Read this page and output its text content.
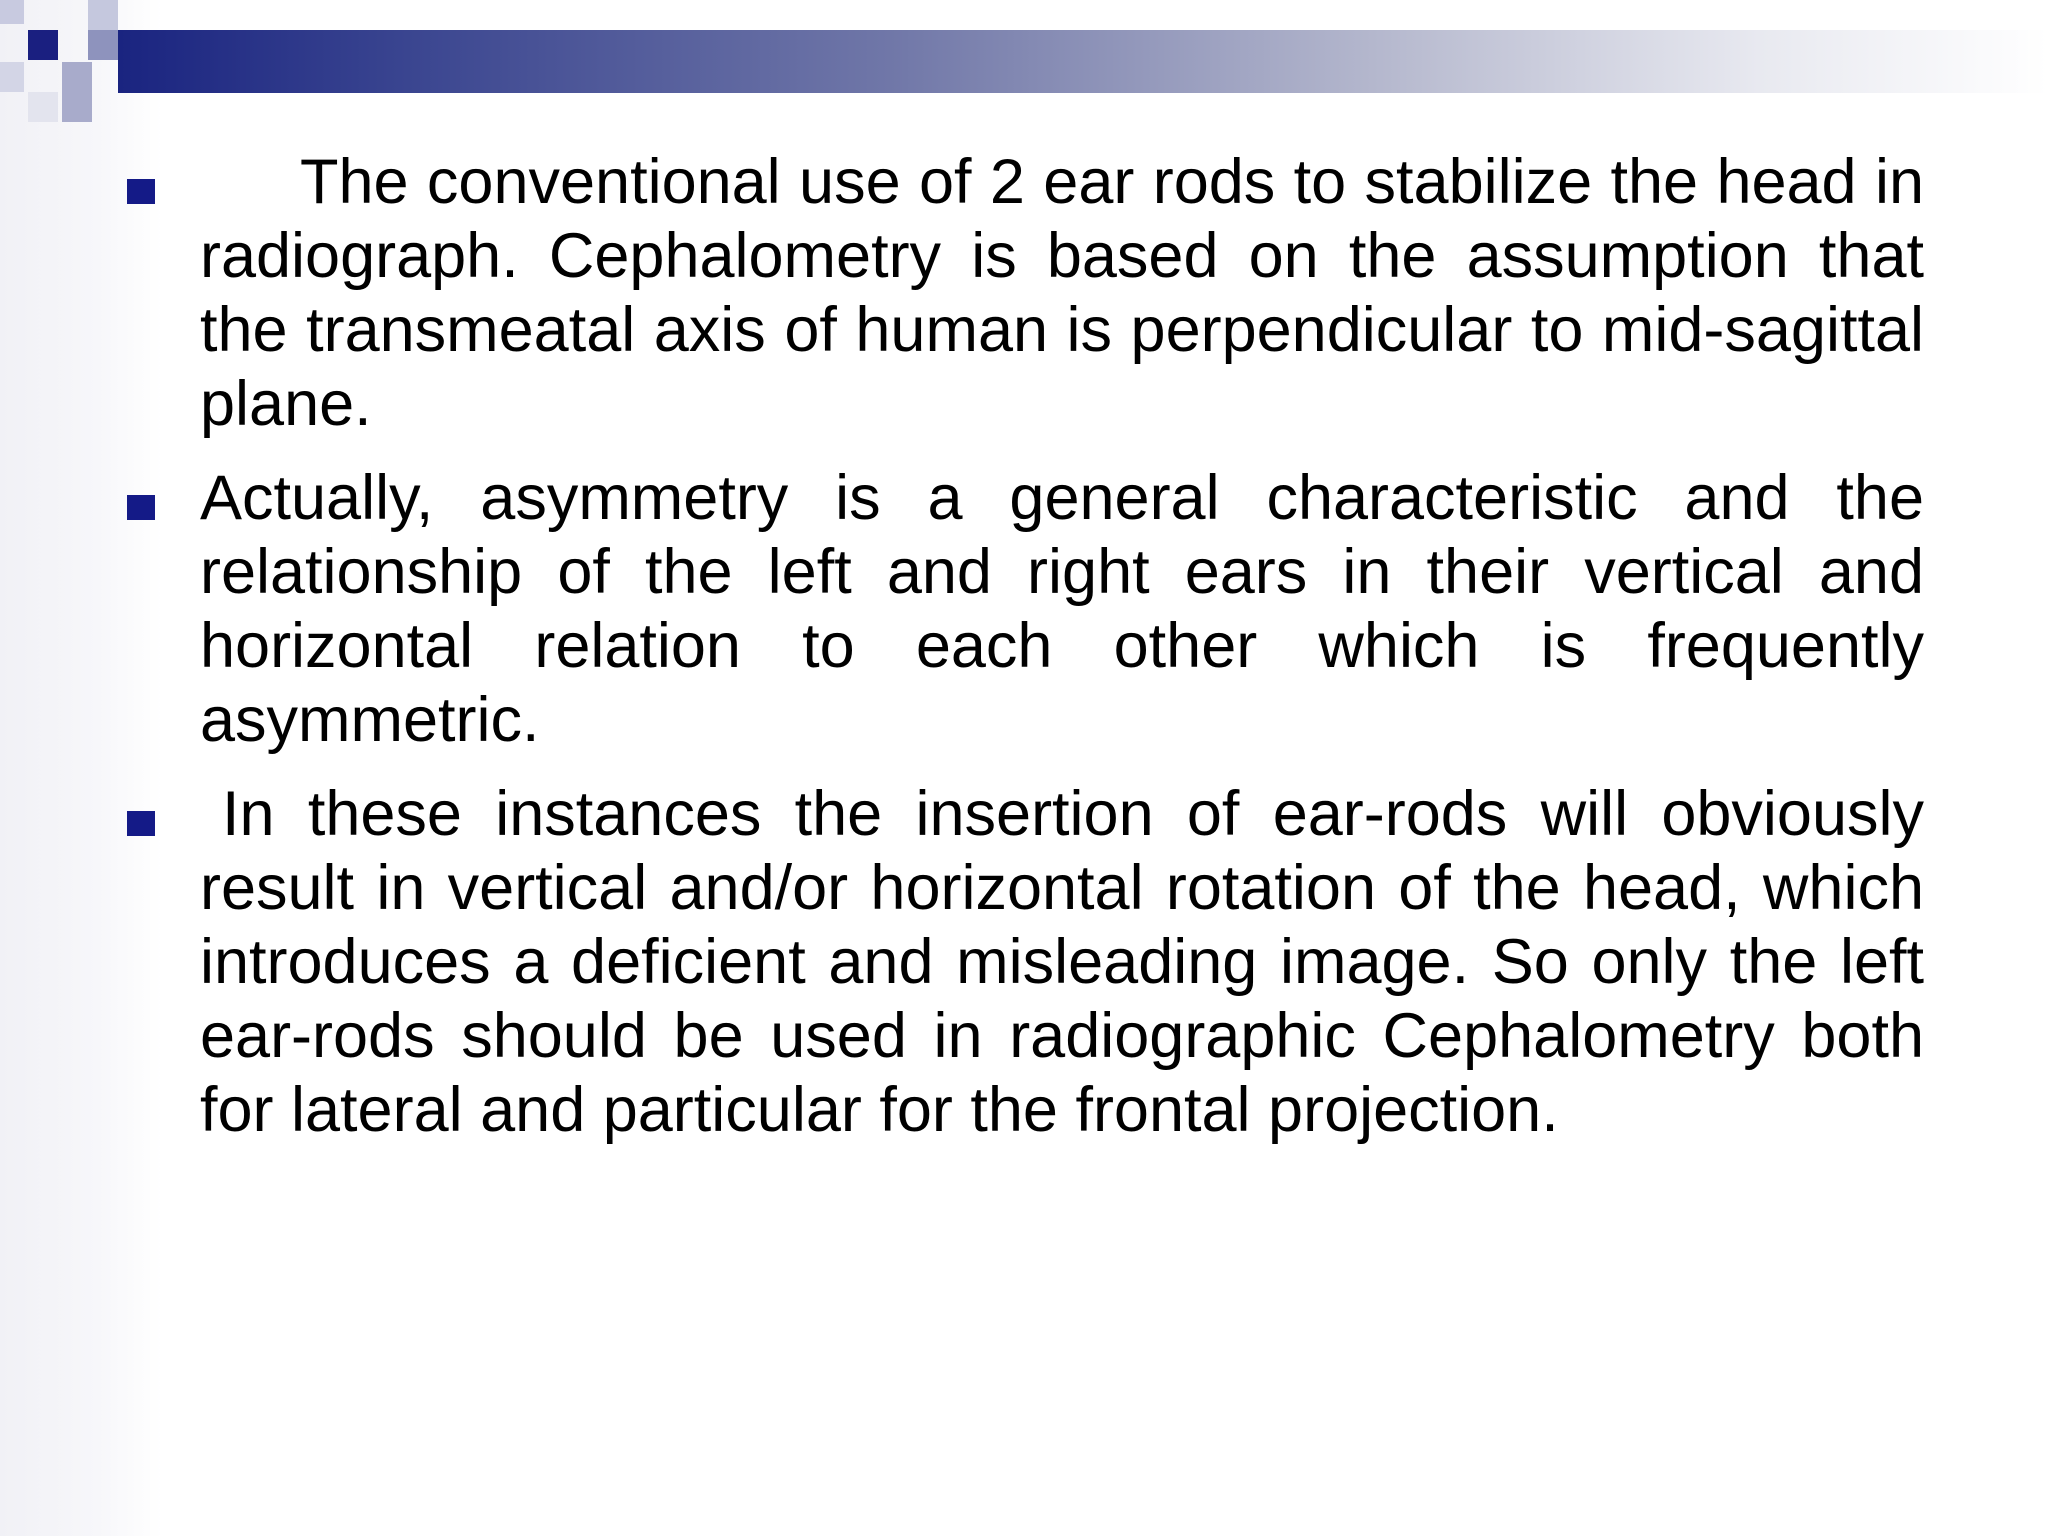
The conventional use of 2 ear rods to stabilize the head in radiograph. Cephalometry is based on the assumption that the transmeatal axis of human is perpendicular to mid-sagittal plane.

Actually, asymmetry is a general characteristic and the relationship of the left and right ears in their vertical and horizontal relation to each other which is frequently asymmetric.

In these instances the insertion of ear-rods will obviously result in vertical and/or horizontal rotation of the head, which introduces a deficient and misleading image. So only the left ear-rods should be used in radiographic Cephalometry both for lateral and particular for the frontal projection.
